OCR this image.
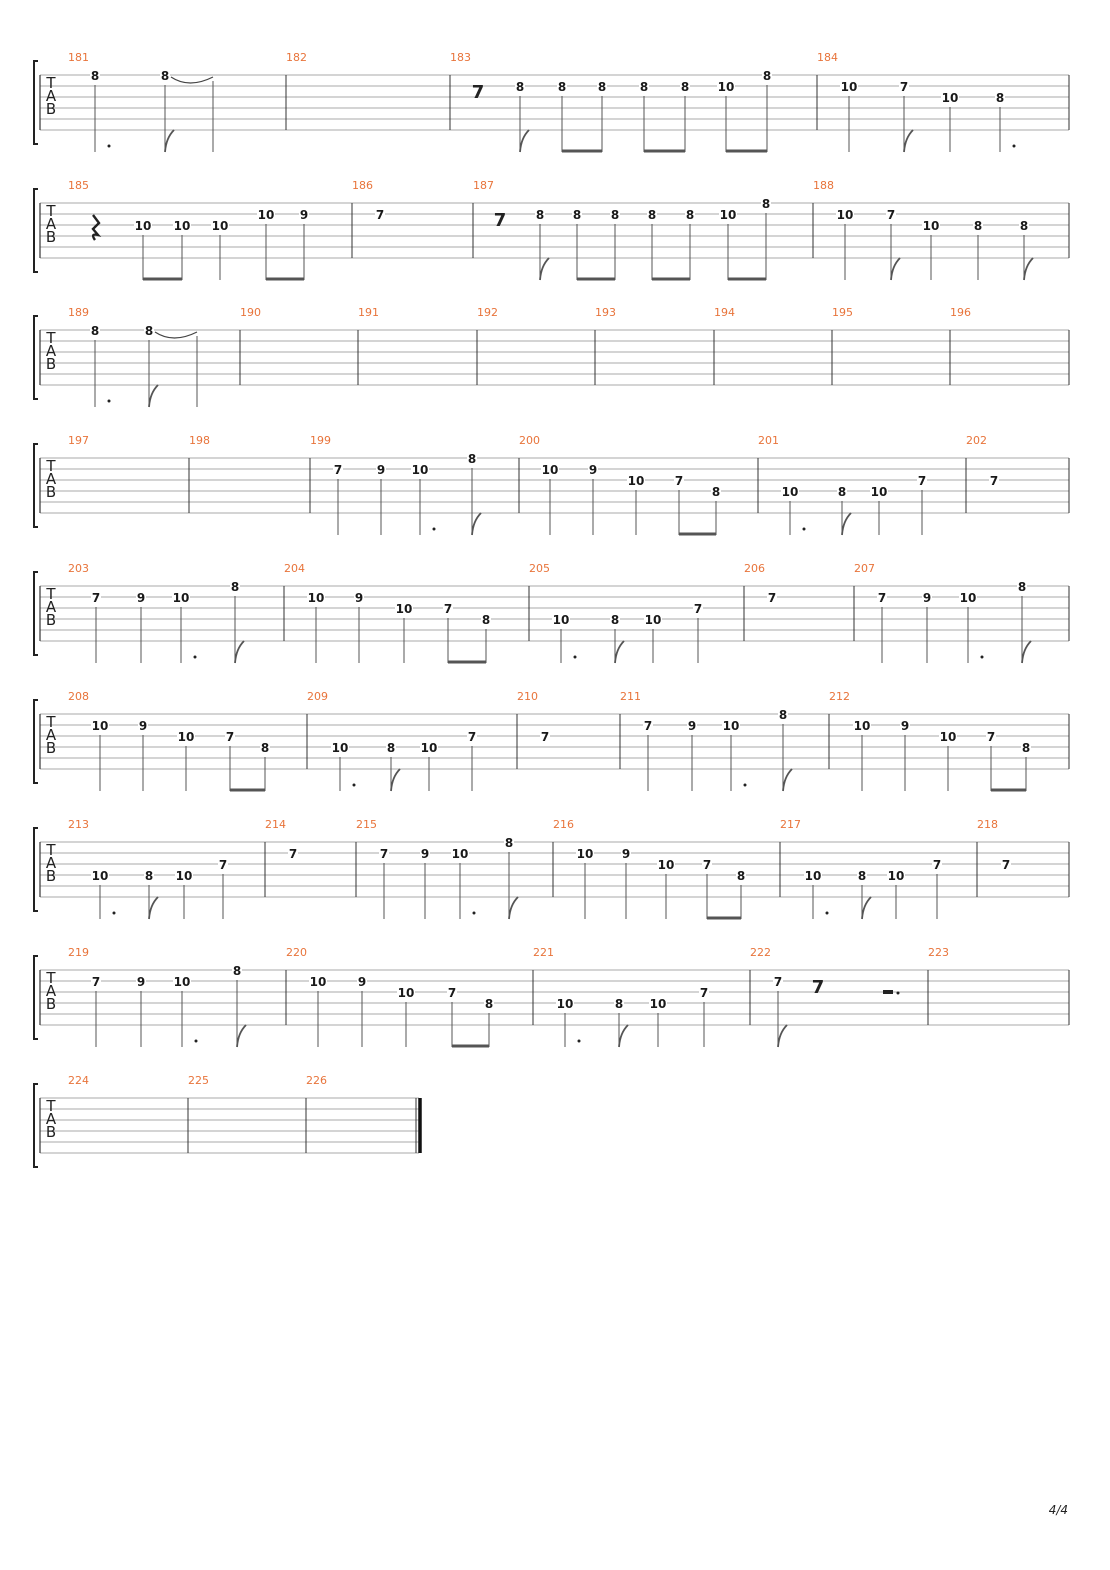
T
A
B
181
8	8
182	183
7	8	8	8	8	8 10
8
184
10	7
10	8
T
A
B
185
10 10 10
10 9
186
7
187
7 8 8 8 8 8 10
8
188
10	7
10	8	8
T
A
B
189
8	8
190	191	192	193	194	195	196
T
A
B
197	198	199
7	9 10
8
200
10	9
10	7
8
201
10	8 10
7
202
7
T
A
B
203
7	9 10
8
204
10	9
10	7
8
205
10	8 10
7
206
7
207
7	9 10
8
T
A
B
208
10	9
10	7
8
209
10	8 10
7
210
7
211
7	9 10
8
212
10	9
10	7
8
T
A
B
213
10	8 10
7
214
7
215
7	9 10
8
216
10 9
10 7
8
217
10	8 10
7
218
7
T
A
B
219
7	9 10
8
220
10	9
10	7
8
221
10	8 10
7
222
7 7
223
T
A
B
224	225	226
4/4
